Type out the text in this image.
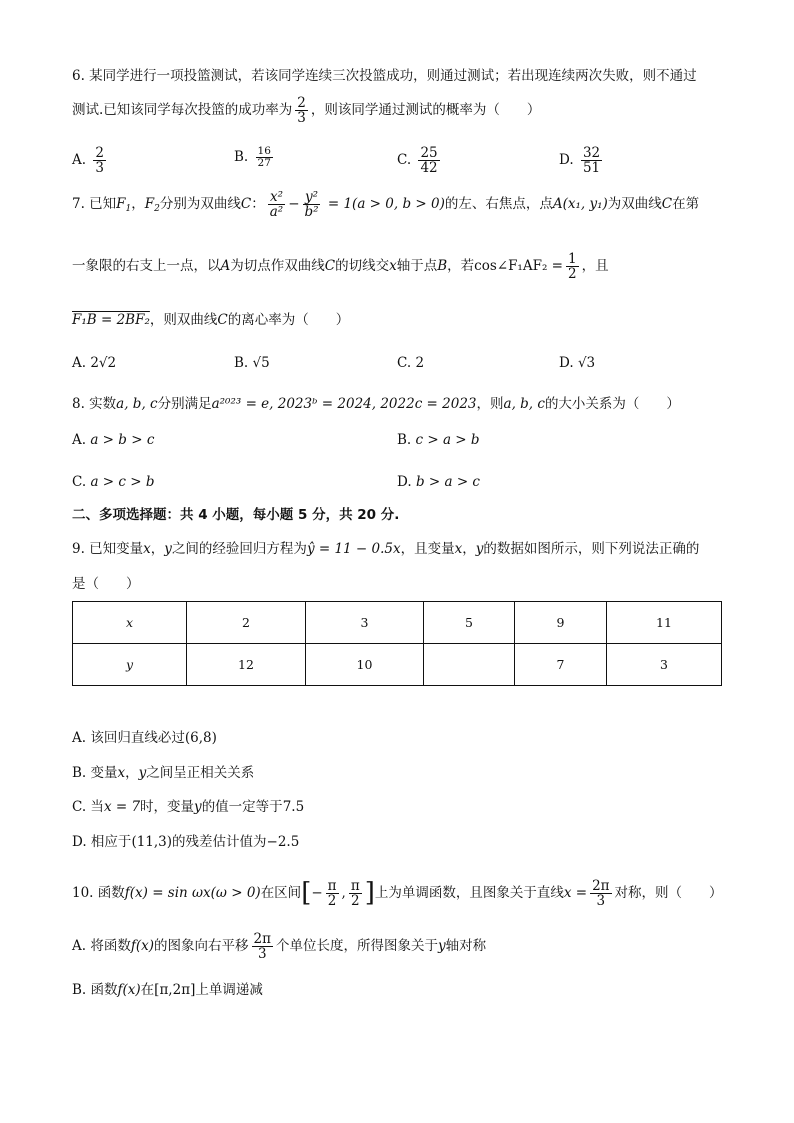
6. 某同学进行一项投篮测试，若该同学连续三次投篮成功，则通过测试；若出现连续两次失败，则不通过
测试.已知该同学每次投篮的成功率为 $\frac{2}{3}$ ，则该同学通过测试的概率为（　　）
A. $\frac{2}{3}$	B. $\frac{16}{27}$	C. $\frac{25}{42}$	D. $\frac{32}{51}$
7. 已知$F_1$，$F_2$分别为双曲线C： $\frac{\text{x²}}{\text{a²}} - \frac{\text{y²}}{\text{b²}} = 1(a > 0$, b > 0)的左、右焦点，点A(x₁, y₁)为双曲线C在第
一象限的右支上一点，以A为切点作双曲线C的切线交x轴于点B，若cos∠F₁AF₂ = $\frac{1}{2}$ ，且
F₁B = 2BF₂，则双曲线C的离心率为（　　）
A. 2√2	B. √5	C. 2	D. √3
8. 实数a, b, c分别满足a²⁰²³ = e, 2023ᵇ = 2024, 2022c = 2023，则a, b, c的大小关系为（　　）
A. a > b > c	B. c > a > b
C. a > c > b	D. b > a > c
二、多项选择题：共 4 小题，每小题 5 分，共 20 分.
9. 已知变量x，y之间的经验回归方程为ŷ = 11 − 0.5x，且变量x，y的数据如图所示，则下列说法正确的
是（　　）
x	2	3	5	9	11
y	12	10		7	3
A. 该回归直线必过(6,8)
B. 变量x，y之间呈正相关关系
C. 当x = 7时，变量y的值一定等于7.5
D. 相应于(11,3)的残差估计值为−2.5
10. 函数f(x) = sin ωx(ω > 0)在区间[− $\frac{\pi}{2}$ , $\frac{\pi}{2}$ ]上为单调函数，且图象关于直线$x = \frac{2\pi}{3}$ 对称，则（　　）
A. 将函数f(x)的图象向右平移 $\frac{2\pi}{3}$ 个单位长度，所得图象关于y轴对称
B. 函数f(x)在[π,2π]上单调递减
